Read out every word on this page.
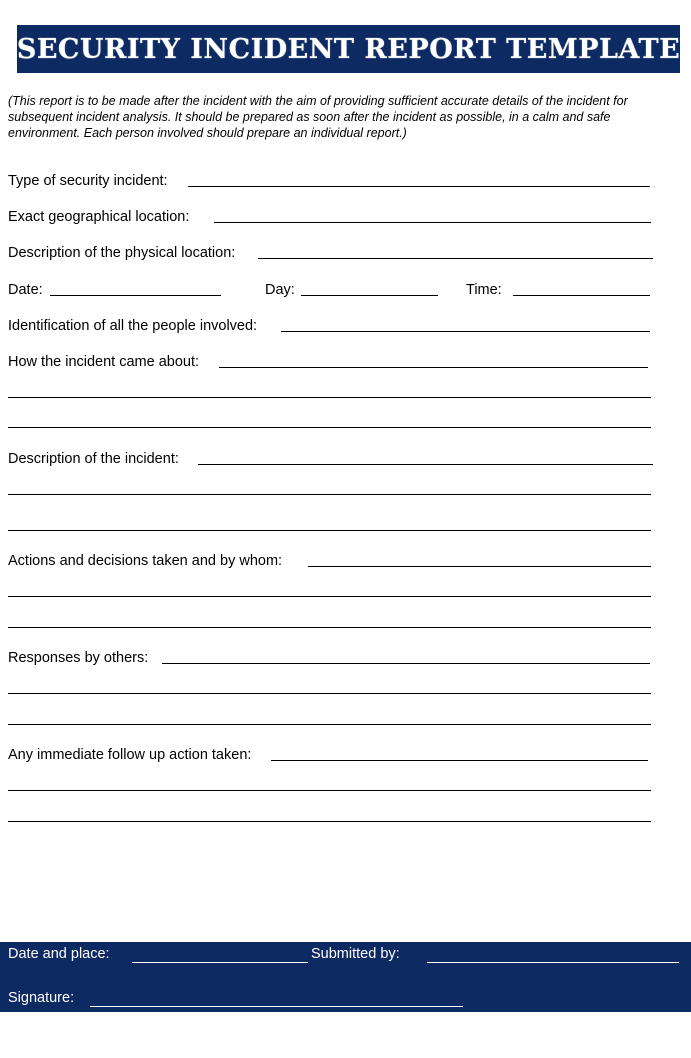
SECURITY INCIDENT REPORT TEMPLATE

(This report is to be made after the incident with the aim of providing sufficient accurate details of the incident for subsequent incident analysis. It should be prepared as soon after the incident as possible, in a calm and safe environment. Each person involved should prepare an individual report.)

Type of security incident:
Exact geographical location:
Description of the physical location:
Date:	Day:	Time:
Identification of all the people involved:
How the incident came about:
Description of the incident:
Actions and decisions taken and by whom:
Responses by others:
Any immediate follow up action taken:
Date and place:	Submitted by:
Signature:
